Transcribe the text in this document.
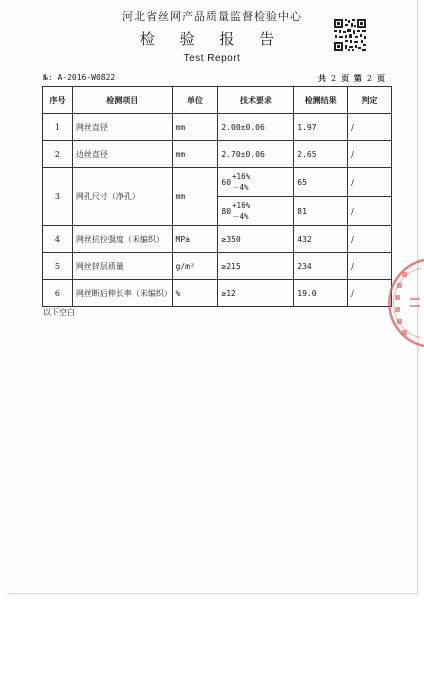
河北省丝网产品质量监督检验中心
检 验 报 告
Test Report
№: A-2016-W0822	共 2 页 第 2 页
序号	检测项目	单位	技术要求	检测结果	判定
1	网丝直径	mm	2.00±0.06	1.97	/
2	边丝直径	mm	2.70±0.06	2.65	/
3	网孔尺寸（净孔）	mm	60
+16%
－4%	65	/

			80
+16%
－4%	81	/
4	网丝抗拉强度（未编织）	MPa	≥350	432	/
5	网丝锌层质量	g/m²	≥215	234	/
6	网丝断后伸长率（未编织）	%	≥12	19.0	/
以下空白
